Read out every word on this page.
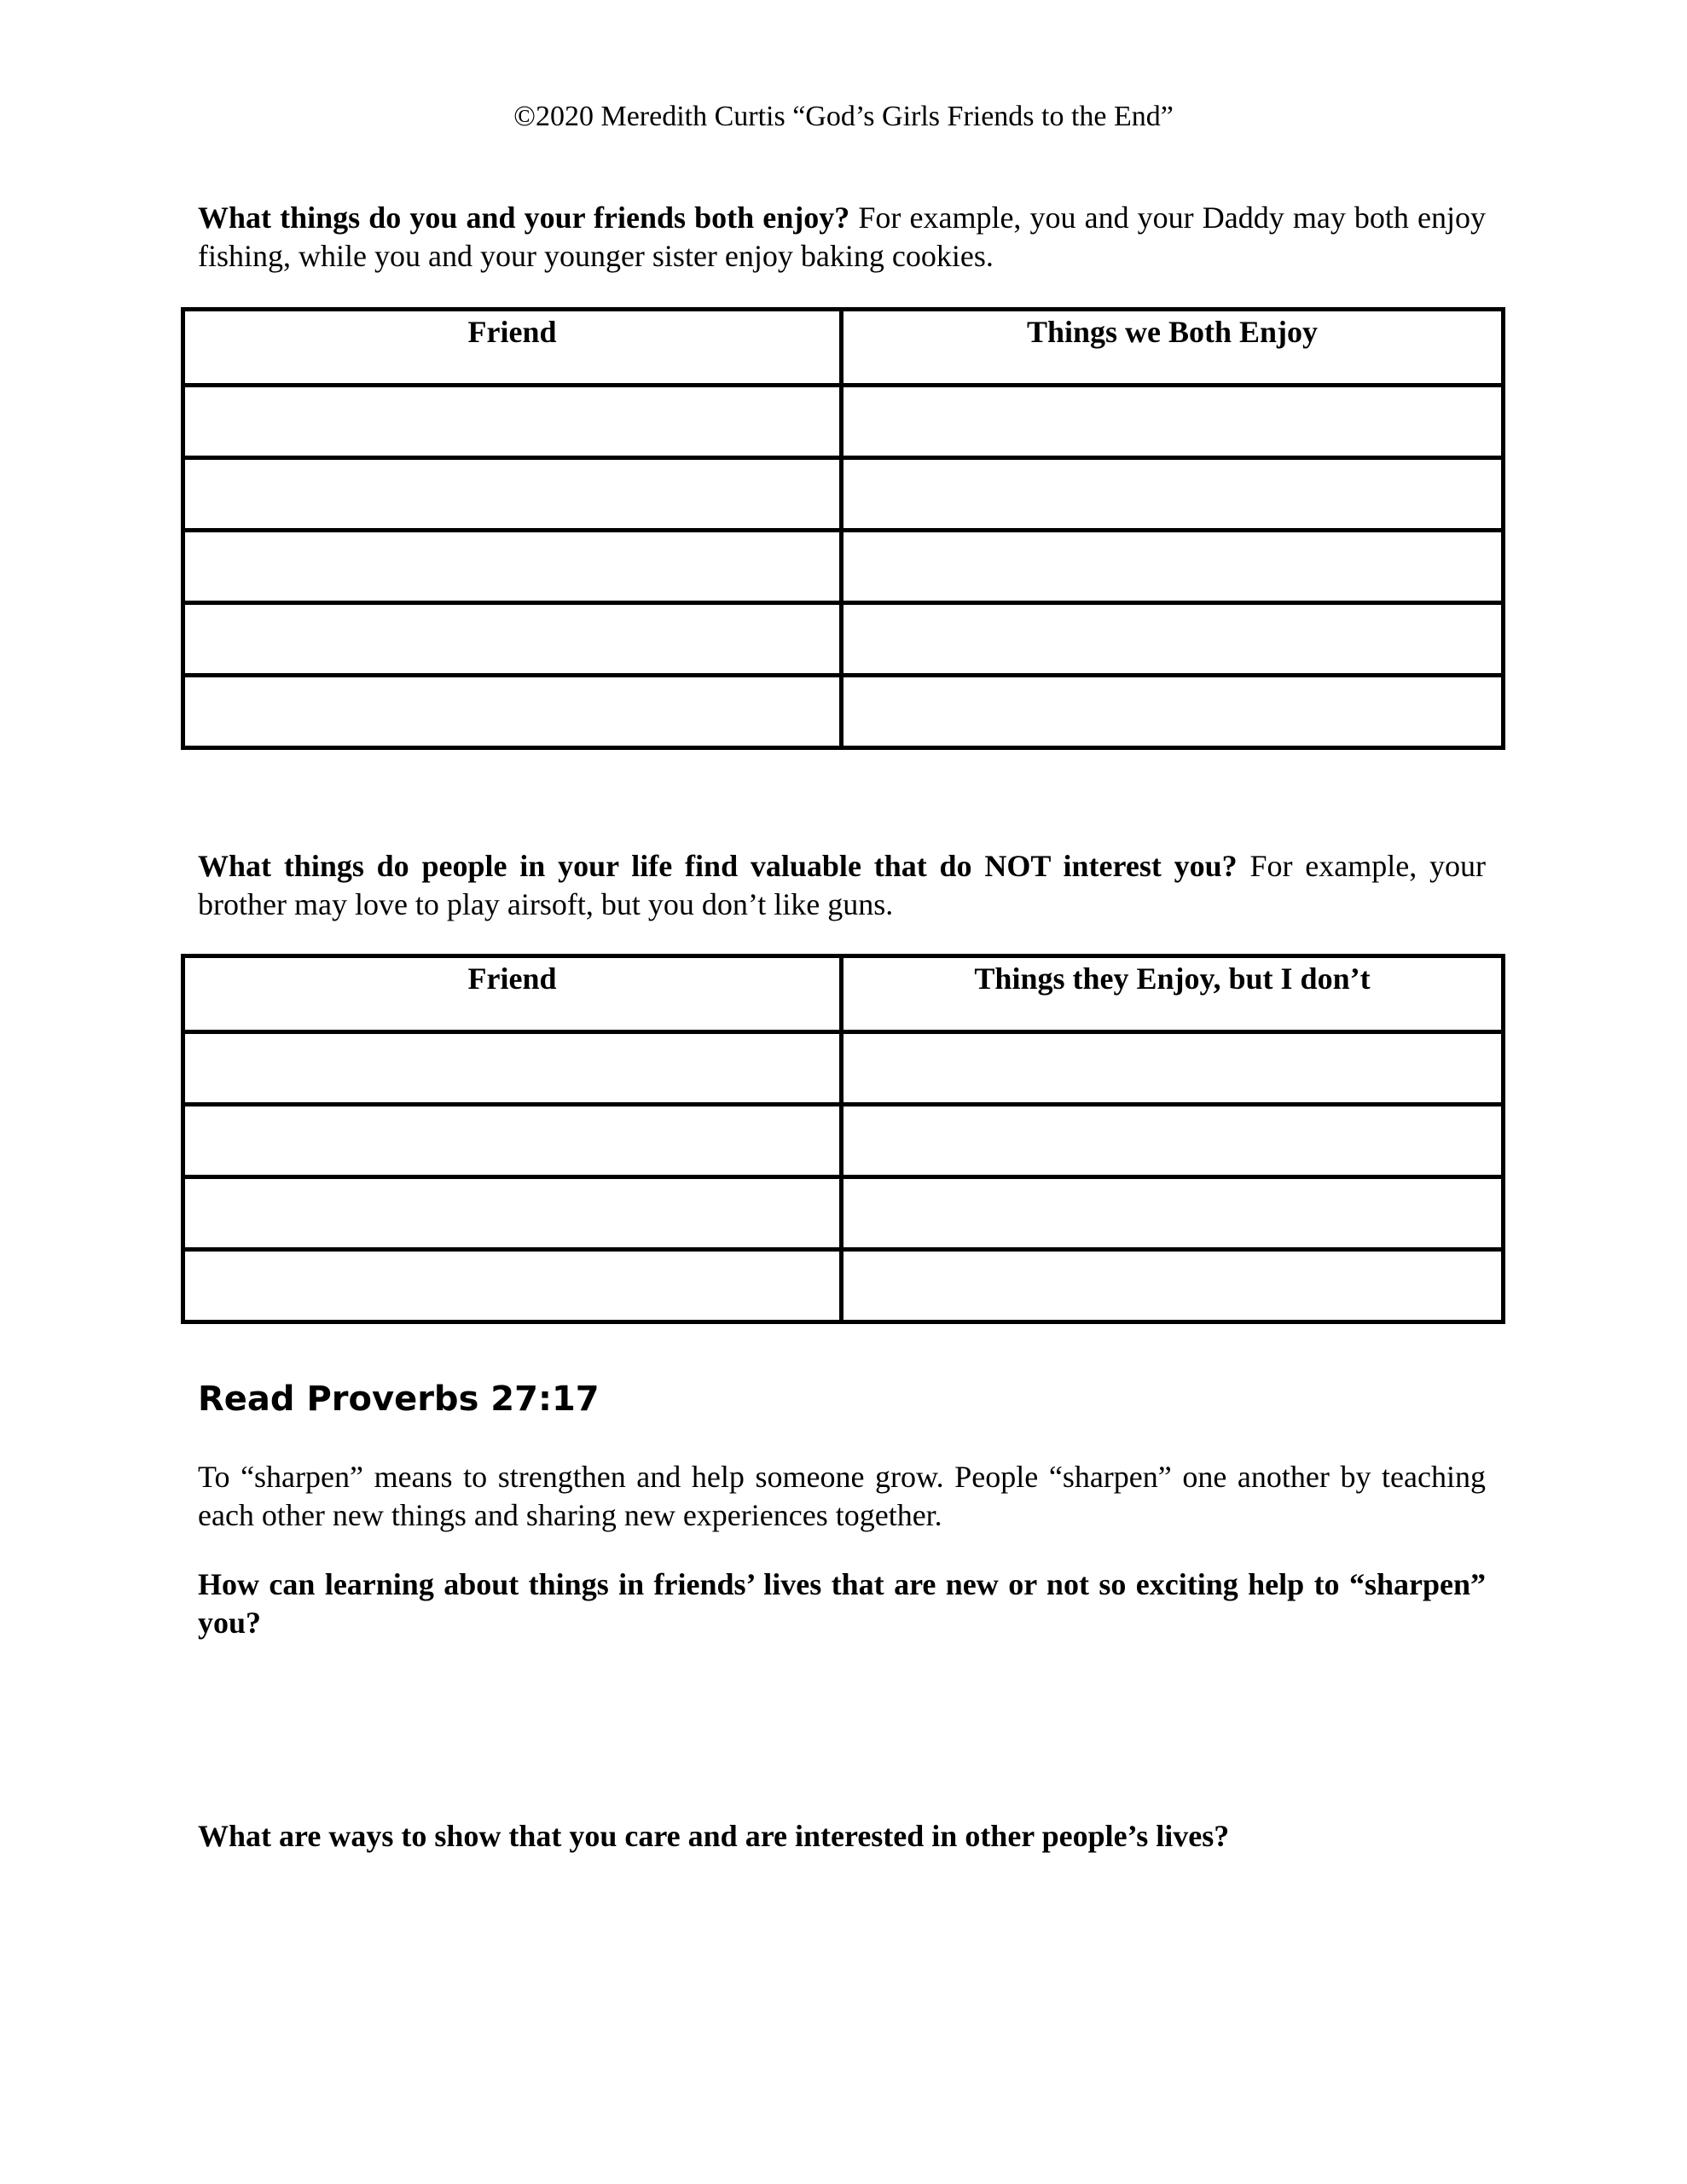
©2020 Meredith Curtis “God’s Girls Friends to the End”

What things do you and your friends both enjoy? For example, you and your Daddy may both enjoy fishing, while you and your younger sister enjoy baking cookies.

Friend	Things we Both Enjoy

What things do people in your life find valuable that do NOT interest you? For example, your brother may love to play airsoft, but you don’t like guns.

Friend	Things they Enjoy, but I don’t

Read Proverbs 27:17

To “sharpen” means to strengthen and help someone grow. People “sharpen” one another by teaching each other new things and sharing new experiences together.

How can learning about things in friends’ lives that are new or not so exciting help to “sharpen” you?

What are ways to show that you care and are interested in other people’s lives?
